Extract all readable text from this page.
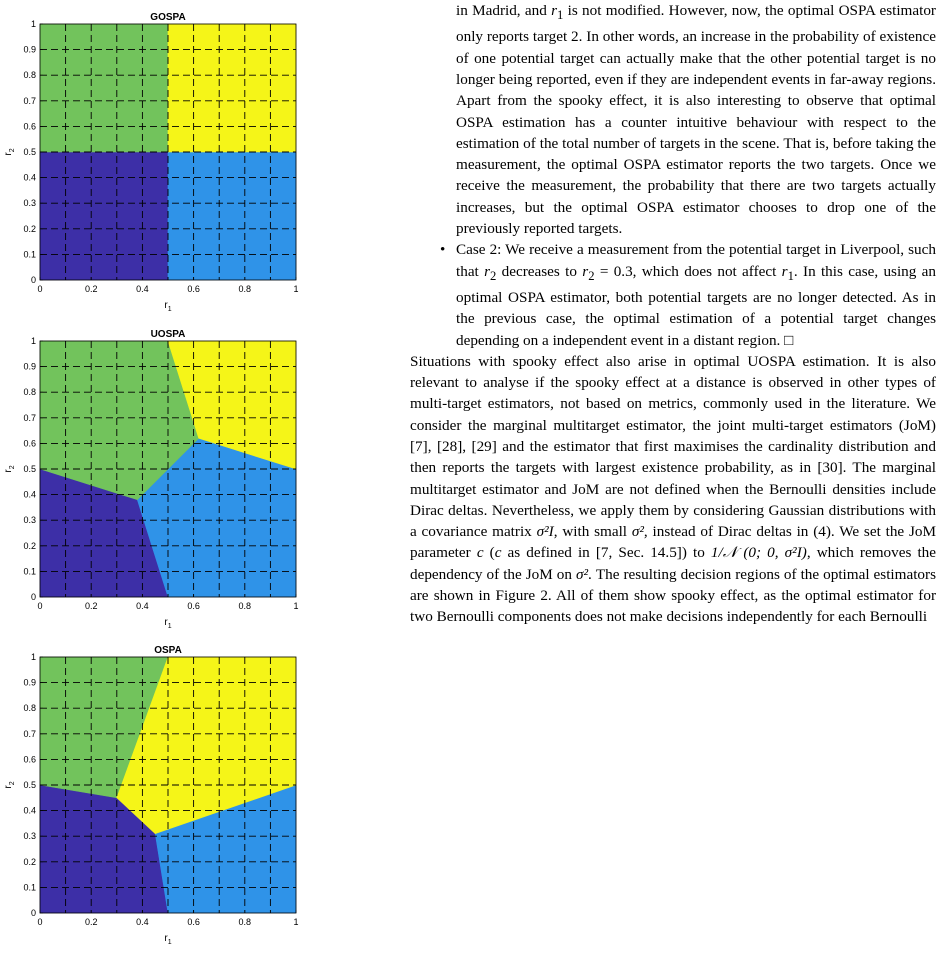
GOSPA
0	0.2	0.4	0.6	0.8	1
0
0.1
0.2
0.3
0.4
0.5
0.6
0.7
0.8
0.9
1
$r_1$
$r_2$
UOSPA
0	0.2	0.4	0.6	0.8	1
0
0.1
0.2
0.3
0.4
0.5
0.6
0.7
0.8
0.9
1
$r_1$
$r_2$
OSPA
0	0.2	0.4	0.6	0.8	1
0
0.1
0.2
0.3
0.4
0.5
0.6
0.7
0.8
0.9
1
$r_1$
$r_2$

in Madrid, and $r_1$ is not modified. However, now, the optimal OSPA estimator only reports target 2. In other words, an increase in the probability of existence of one potential target can actually make that the other potential target is no longer being reported, even if they are independent events in far-away regions. Apart from the spooky effect, it is also interesting to observe that optimal OSPA estimation has a counter intuitive behaviour with respect to the estimation of the total number of targets in the scene. That is, before taking the measurement, the optimal OSPA estimator reports the two targets. Once we receive the measurement, the probability that there are two targets actually increases, but the optimal OSPA estimator chooses to drop one of the previously reported targets.

• Case 2: We receive a measurement from the potential target in Liverpool, such that $r_2$ decreases to $r_2 = 0.3$, which does not affect $r_1$. In this case, using an optimal OSPA estimator, both potential targets are no longer detected. As in the previous case, the optimal estimation of a potential target changes depending on a independent event in a distant region. □

Situations with spooky effect also arise in optimal UOSPA estimation. It is also relevant to analyse if the spooky effect at a distance is observed in other types of multi-target estimators, not based on metrics, commonly used in the literature. We consider the marginal multitarget estimator, the joint multi-target estimators (JoM) [7], [28], [29] and the estimator that first maximises the cardinality distribution and then reports the targets with largest existence probability, as in [30]. The marginal multitarget estimator and JoM are not defined when the Bernoulli densities include Dirac deltas. Nevertheless, we apply them by considering Gaussian distributions with a covariance matrix σ²I, with small σ², instead of Dirac deltas in (4). We set the JoM parameter c (c as defined in [7, Sec. 14.5]) to 1/𝒩 (0; 0, σ²I), which removes the dependency of the JoM on σ². The resulting decision regions of the optimal estimators are shown in Figure 2. All of them show spooky effect, as the optimal estimator for two Bernoulli components does not make decisions independently for each Bernoulli
